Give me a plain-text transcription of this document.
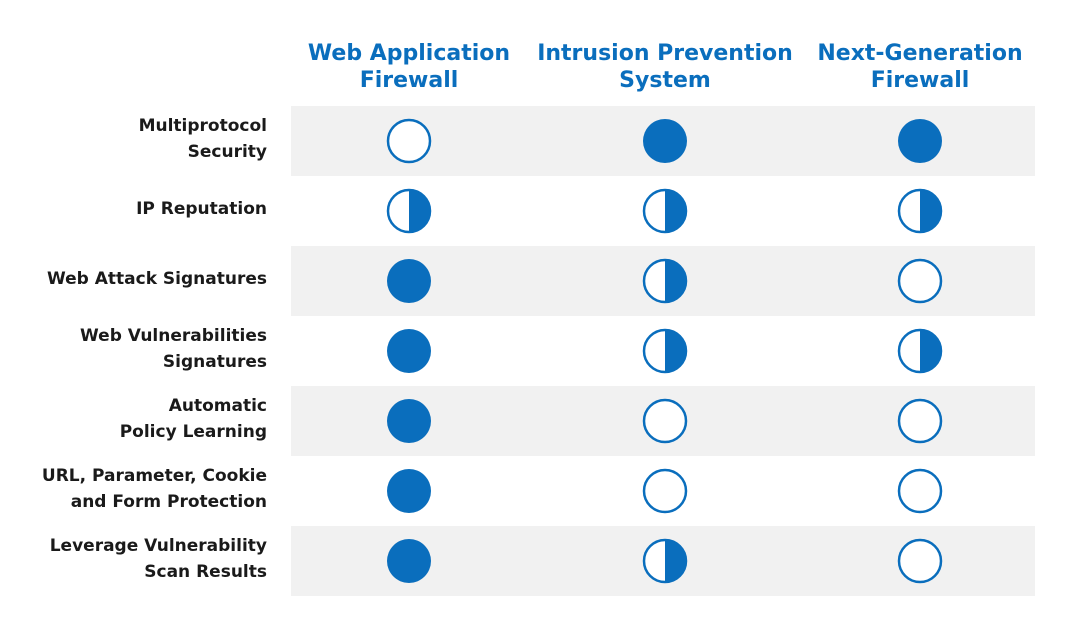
Web Application
Firewall
Intrusion Prevention
System
Next-Generation
Firewall
Multiprotocol
Security
IP Reputation
Web Attack Signatures
Web Vulnerabilities
Signatures
Automatic
Policy Learning
URL, Parameter, Cookie
and Form Protection
Leverage Vulnerability
Scan Results
